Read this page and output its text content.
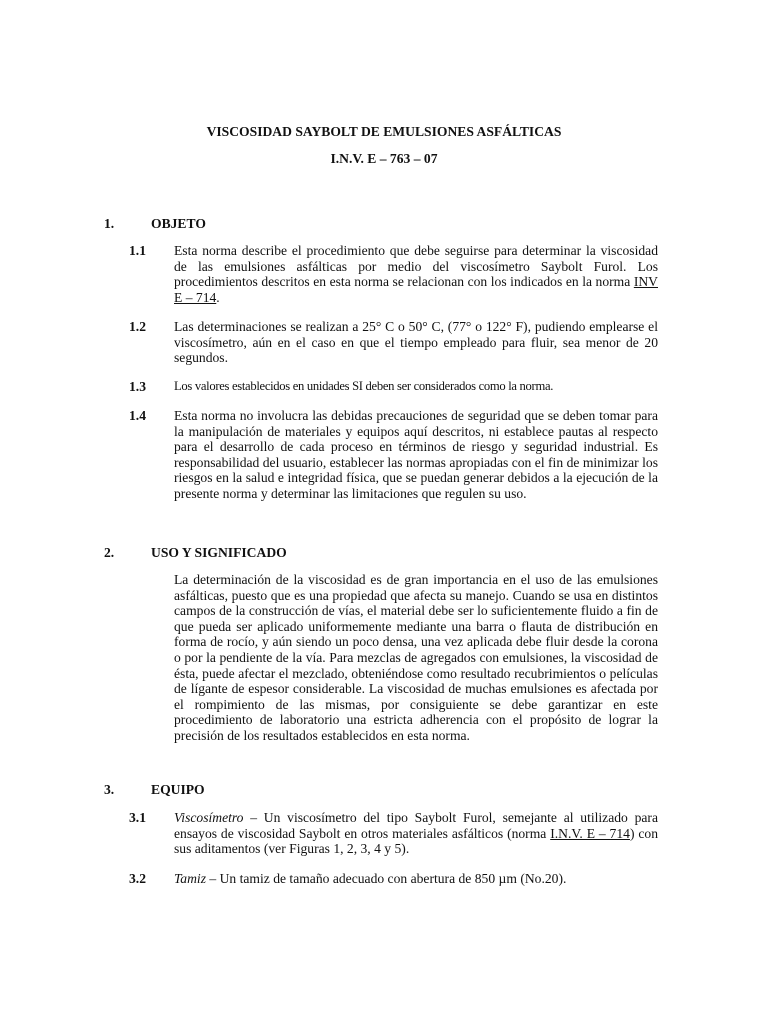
VISCOSIDAD SAYBOLT DE EMULSIONES ASFÁLTICAS
I.N.V. E – 763 – 07
1.	OBJETO
1.1 Esta norma describe el procedimiento que debe seguirse para determinar la viscosidad de las emulsiones asfálticas por medio del viscosímetro Saybolt Furol. Los procedimientos descritos en esta norma se relacionan con los indicados en la norma INV E – 714.
1.2 Las determinaciones se realizan a 25° C o 50° C, (77° o 122° F), pudiendo emplearse el viscosímetro, aún en el caso en que el tiempo empleado para fluir, sea menor de 20 segundos.
1.3 Los valores establecidos en unidades SI deben ser considerados como la norma.
1.4 Esta norma no involucra las debidas precauciones de seguridad que se deben tomar para la manipulación de materiales y equipos aquí descritos, ni establece pautas al respecto para el desarrollo de cada proceso en términos de riesgo y seguridad industrial. Es responsabilidad del usuario, establecer las normas apropiadas con el fin de minimizar los riesgos en la salud e integridad física, que se puedan generar debidos a la ejecución de la presente norma y determinar las limitaciones que regulen su uso.
2.	USO Y SIGNIFICADO
La determinación de la viscosidad es de gran importancia en el uso de las emulsiones asfálticas, puesto que es una propiedad que afecta su manejo. Cuando se usa en distintos campos de la construcción de vías, el material debe ser lo suficientemente fluido a fin de que pueda ser aplicado uniformemente mediante una barra o flauta de distribución en forma de rocío, y aún siendo un poco densa, una vez aplicada debe fluir desde la corona o por la pendiente de la vía. Para mezclas de agregados con emulsiones, la viscosidad de ésta, puede afectar el mezclado, obteniéndose como resultado recubrimientos o películas de lígante de espesor considerable. La viscosidad de muchas emulsiones es afectada por el rompimiento de las mismas, por consiguiente se debe garantizar en este procedimiento de laboratorio una estricta adherencia con el propósito de lograr la precisión de los resultados establecidos en esta norma.
3.	EQUIPO
3.1 Viscosímetro – Un viscosímetro del tipo Saybolt Furol, semejante al utilizado para ensayos de viscosidad Saybolt en otros materiales asfálticos (norma I.N.V. E – 714) con sus aditamentos (ver Figuras 1, 2, 3, 4 y 5).
3.2 Tamiz – Un tamiz de tamaño adecuado con abertura de 850 µm (No.20).
